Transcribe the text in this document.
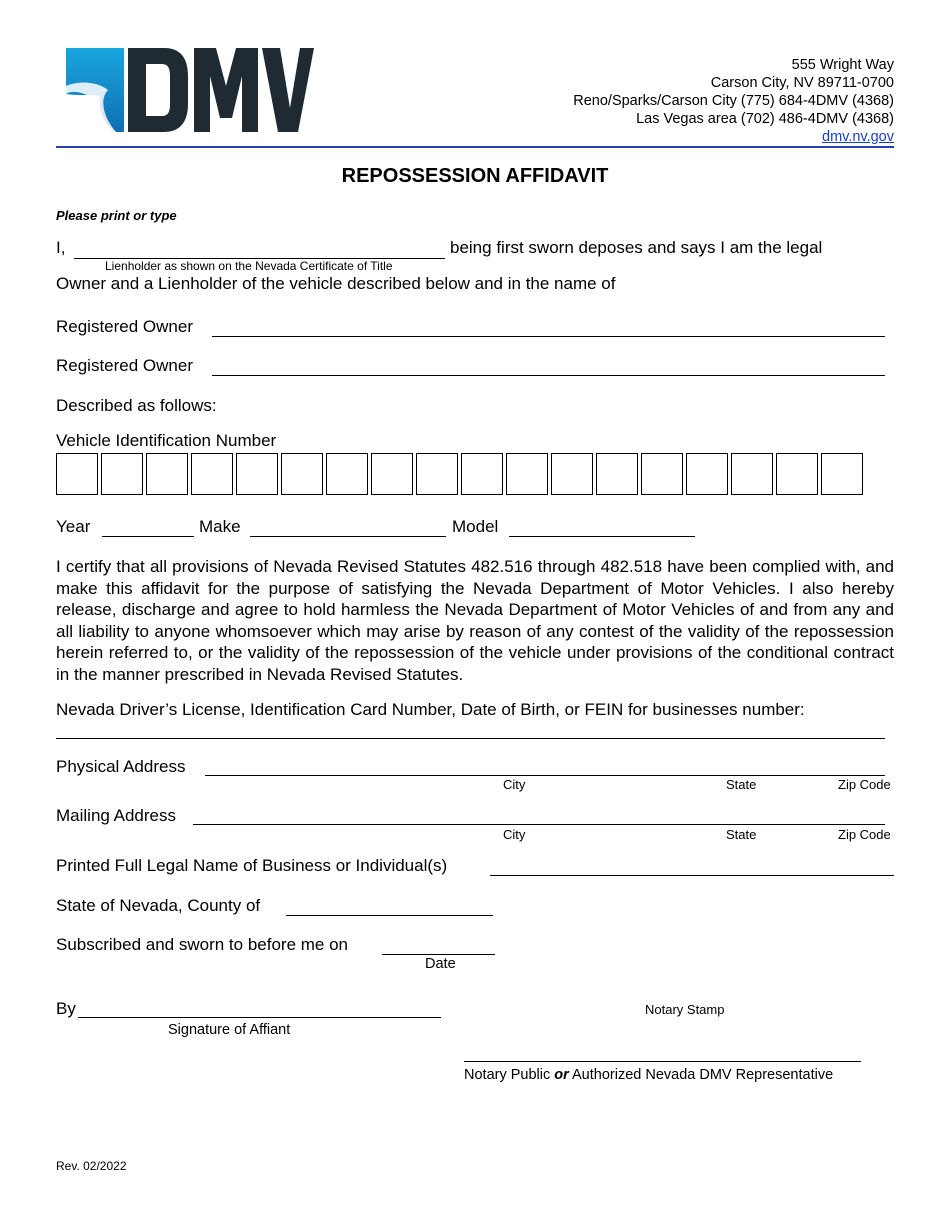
555 Wright Way
Carson City, NV 89711-0700
Reno/Sparks/Carson City (775) 684-4DMV (4368)
Las Vegas area (702) 486-4DMV (4368)
dmv.nv.gov
REPOSSESSION AFFIDAVIT
Please print or type
I,	being first sworn deposes and says I am the legal
Lienholder as shown on the Nevada Certificate of Title
Owner and a Lienholder of the vehicle described below and in the name of
Registered Owner
Registered Owner
Described as follows:
Vehicle Identification Number
Year	Make	Model
I certify that all provisions of Nevada Revised Statutes 482.516 through 482.518 have been complied with, and make this affidavit for the purpose of satisfying the Nevada Department of Motor Vehicles. I also hereby release, discharge and agree to hold harmless the Nevada Department of Motor Vehicles of and from any and all liability to anyone whomsoever which may arise by reason of any contest of the validity of the repossession herein referred to, or the validity of the repossession of the vehicle under provisions of the conditional contract in the manner prescribed in Nevada Revised Statutes.
Nevada Driver’s License, Identification Card Number, Date of Birth, or FEIN for businesses number:
Physical Address
City	State	Zip Code
Mailing Address
City	State	Zip Code
Printed Full Legal Name of Business or Individual(s)
State of Nevada, County of
Subscribed and sworn to before me on
Date
By
Signature of Affiant
Notary Stamp
Notary Public or Authorized Nevada DMV Representative
Rev. 02/2022
